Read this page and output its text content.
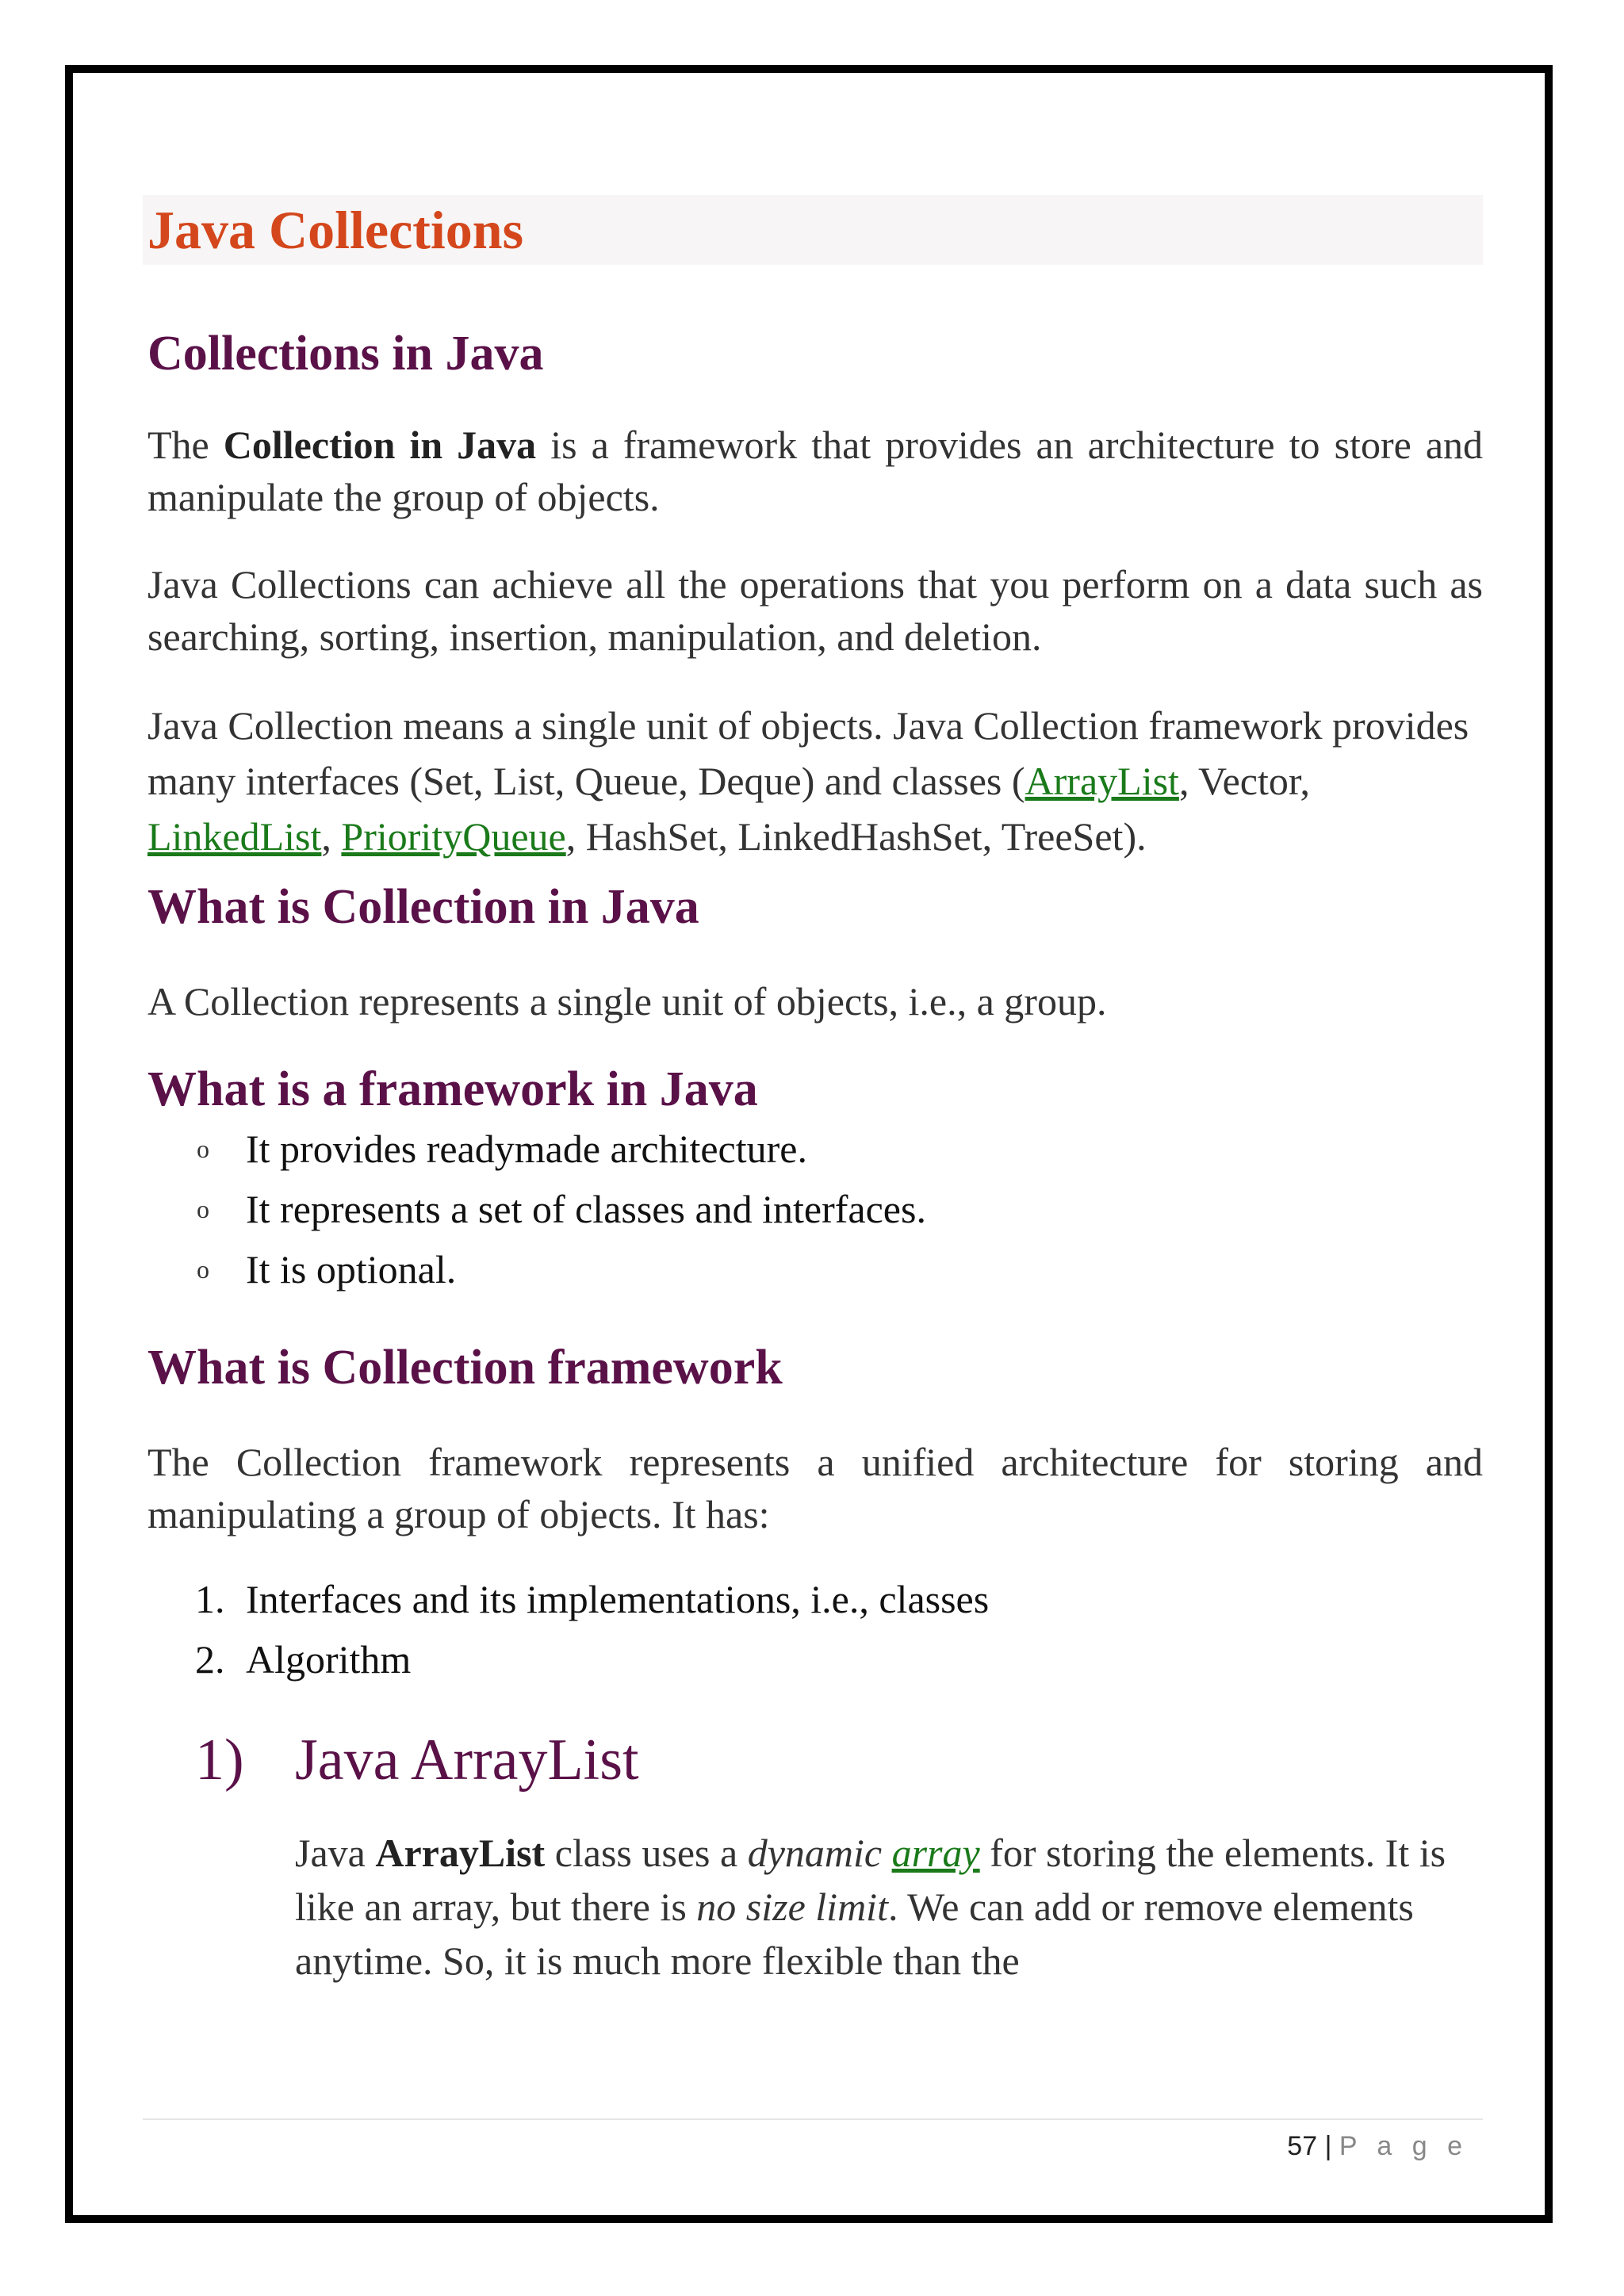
Java Collections
Collections in Java

The Collection in Java is a framework that provides an architecture to store and manipulate the group of objects.

Java Collections can achieve all the operations that you perform on a data such as searching, sorting, insertion, manipulation, and deletion.

Java Collection means a single unit of objects. Java Collection framework provides many interfaces (Set, List, Queue, Deque) and classes (ArrayList, Vector, LinkedList, PriorityQueue, HashSet, LinkedHashSet, TreeSet).

What is Collection in Java

A Collection represents a single unit of objects, i.e., a group.

What is a framework in Java
o It provides readymade architecture.
o It represents a set of classes and interfaces.
o It is optional.
What is Collection framework

The Collection framework represents a unified architecture for storing and manipulating a group of objects. It has:

1. Interfaces and its implementations, i.e., classes
2. Algorithm
1) Java ArrayList

Java ArrayList class uses a dynamic array for storing the elements. It is like an array, but there is no size limit. We can add or remove elements anytime. So, it is much more flexible than the

57 | P a g e
